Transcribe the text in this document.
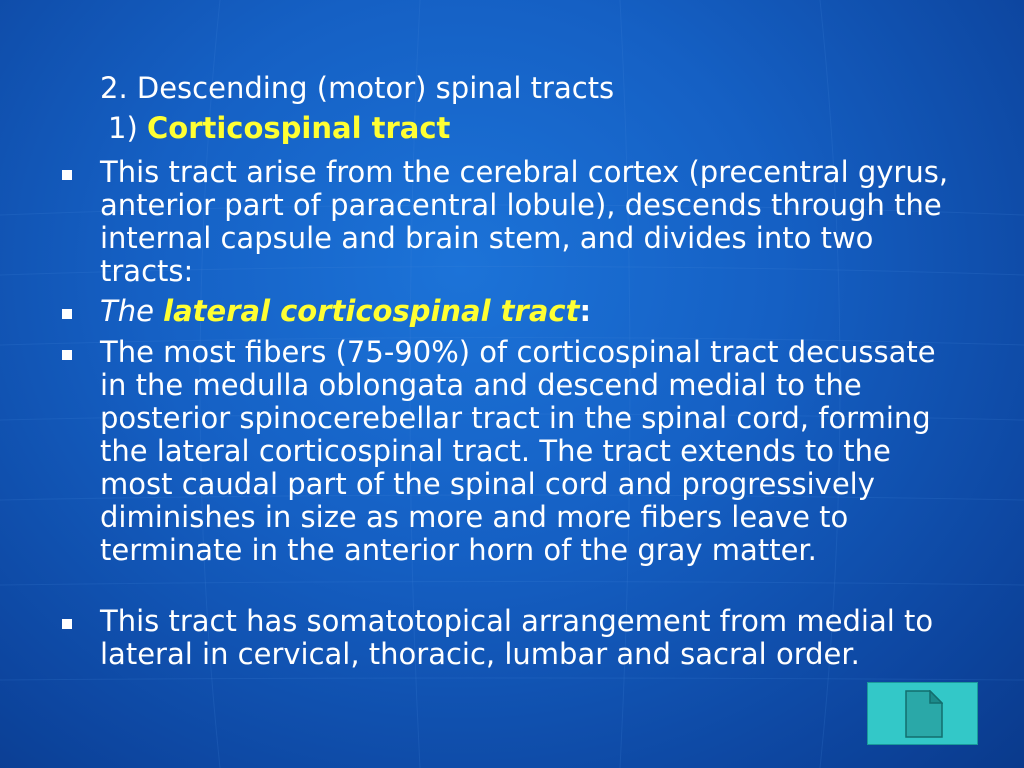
2. Descending (motor) spinal tracts
1) Corticospinal tract
This tract arise from the cerebral cortex (precentral gyrus, anterior part of paracentral lobule), descends through the internal capsule and brain stem, and divides into two tracts:
The lateral corticospinal tract:
The most fibers (75-90%) of corticospinal tract decussate in the medulla oblongata and descend medial to the posterior spinocerebellar tract in the spinal cord, forming the lateral corticospinal tract. The tract extends to the most caudal part of the spinal cord and progressively diminishes in size as more and more fibers leave to terminate in the anterior horn of the gray matter.
This tract has somatotopical arrangement from medial to lateral in cervical, thoracic, lumbar and sacral order.
